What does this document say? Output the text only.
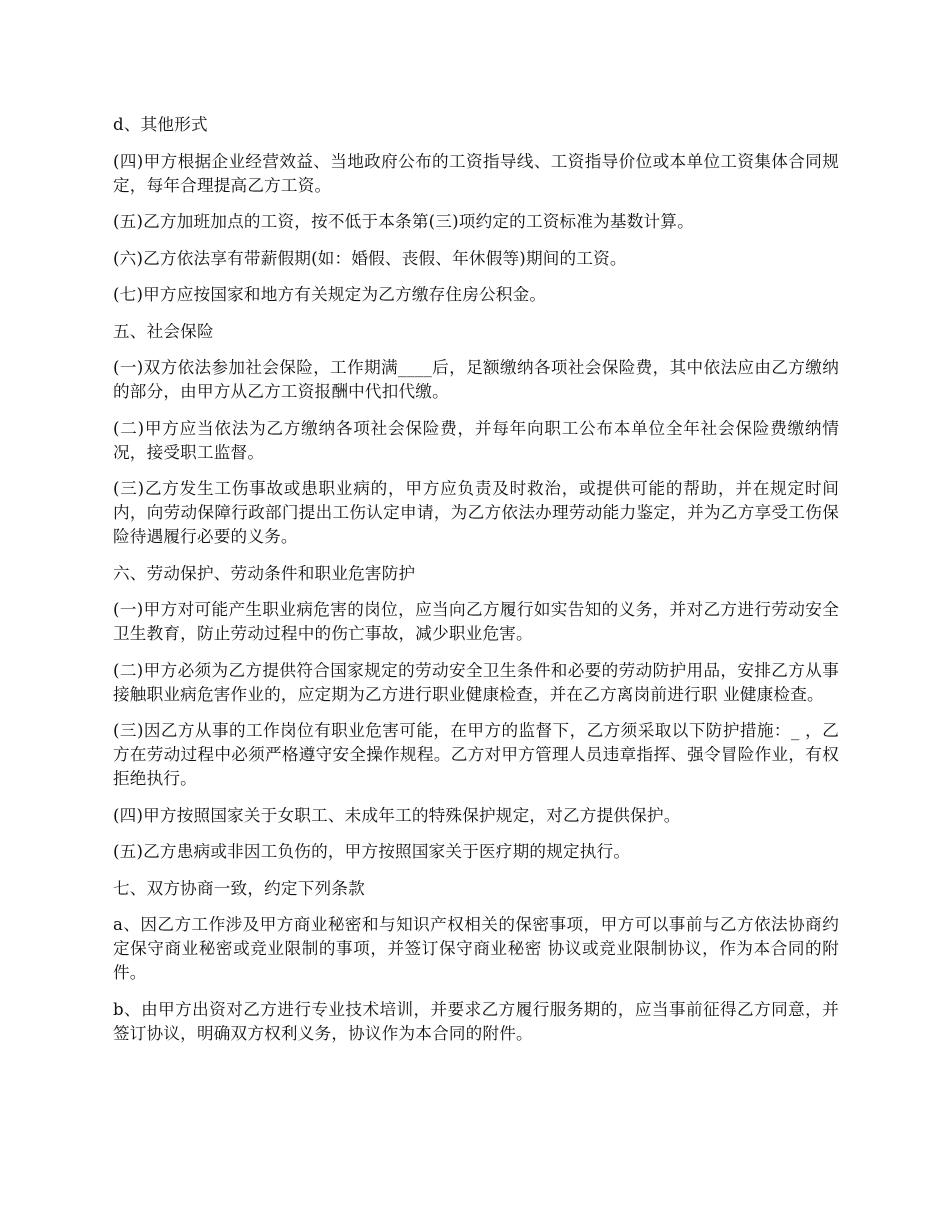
d、其他形式

(四)甲方根据企业经营效益、当地政府公布的工资指导线、工资指导价位或本单位工资集体合同规定，每年合理提高乙方工资。

(五)乙方加班加点的工资，按不低于本条第(三)项约定的工资标准为基数计算。

(六)乙方依法享有带薪假期(如：婚假、丧假、年休假等)期间的工资。

(七)甲方应按国家和地方有关规定为乙方缴存住房公积金。

五、社会保险

(一)双方依法参加社会保险，工作期满____后，足额缴纳各项社会保险费，其中依法应由乙方缴纳的部分，由甲方从乙方工资报酬中代扣代缴。

(二)甲方应当依法为乙方缴纳各项社会保险费，并每年向职工公布本单位全年社会保险费缴纳情况，接受职工监督。

(三)乙方发生工伤事故或患职业病的，甲方应负责及时救治，或提供可能的帮助，并在规定时间内，向劳动保障行政部门提出工伤认定申请，为乙方依法办理劳动能力鉴定，并为乙方享受工伤保险待遇履行必要的义务。

六、劳动保护、劳动条件和职业危害防护

(一)甲方对可能产生职业病危害的岗位，应当向乙方履行如实告知的义务，并对乙方进行劳动安全卫生教育，防止劳动过程中的伤亡事故，减少职业危害。

(二)甲方必须为乙方提供符合国家规定的劳动安全卫生条件和必要的劳动防护用品，安排乙方从事接触职业病危害作业的，应定期为乙方进行职业健康检查，并在乙方离岗前进行职 业健康检查。

(三)因乙方从事的工作岗位有职业危害可能，在甲方的监督下，乙方须采取以下防护措施：_ ，乙方在劳动过程中必须严格遵守安全操作规程。乙方对甲方管理人员违章指挥、强令冒险作业，有权拒绝执行。

(四)甲方按照国家关于女职工、未成年工的特殊保护规定，对乙方提供保护。

(五)乙方患病或非因工负伤的，甲方按照国家关于医疗期的规定执行。

七、双方协商一致，约定下列条款

a、因乙方工作涉及甲方商业秘密和与知识产权相关的保密事项，甲方可以事前与乙方依法协商约定保守商业秘密或竞业限制的事项，并签订保守商业秘密 协议或竞业限制协议，作为本合同的附件。

b、由甲方出资对乙方进行专业技术培训，并要求乙方履行服务期的，应当事前征得乙方同意，并签订协议，明确双方权利义务，协议作为本合同的附件。
